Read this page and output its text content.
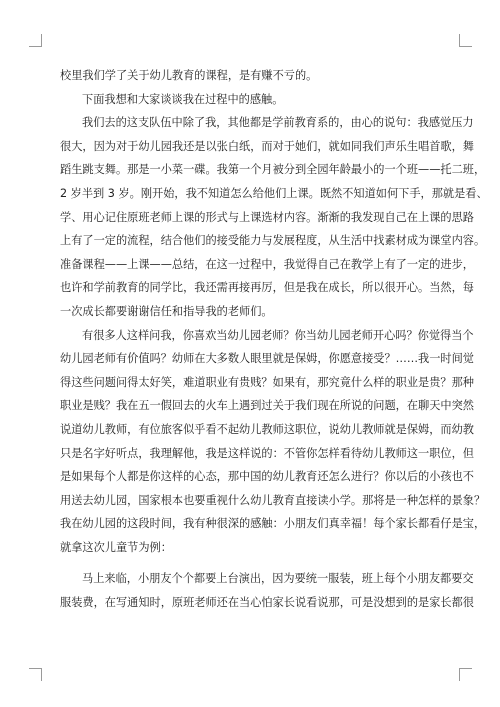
校里我们学了关于幼儿教育的课程，是有赚不亏的。
下面我想和大家谈谈我在过程中的感触。
我们去的这支队伍中除了我，其他都是学前教育系的，由心的说句：我感觉压力
很大，因为对于幼儿园我还是以张白纸，而对于她们，就如同我们声乐生唱首歌，舞
蹈生跳支舞。那是一小菜一碟。我第一个月被分到全园年龄最小的一个班——托二班，
2 岁半到 3 岁。刚开始，我不知道怎么给他们上课。既然不知道如何下手，那就是看、
学、用心记住原班老师上课的形式与上课选材内容。渐渐的我发现自己在上课的思路
上有了一定的流程，结合他们的接受能力与发展程度，从生活中找素材成为课堂内容。
准备课程——上课——总结，在这一过程中，我觉得自己在教学上有了一定的进步，
也许和学前教育的同学比，我还需再接再厉，但是我在成长，所以很开心。当然，每
一次成长都要谢谢信任和指导我的老师们。
有很多人这样问我，你喜欢当幼儿园老师？你当幼儿园老师开心吗？你觉得当个
幼儿园老师有价值吗？幼师在大多数人眼里就是保姆，你愿意接受？……我一时间觉
得这些问题问得太好笑，难道职业有贵贱？如果有，那究竟什么样的职业是贵？那种
职业是贱？我在五一假回去的火车上遇到过关于我们现在所说的问题，在聊天中突然
说道幼儿教师，有位旅客似乎看不起幼儿教师这职位，说幼儿教师就是保姆，而幼教
只是名字好听点，我理解他，我是这样说的：不管你怎样看待幼儿教师这一职位，但
是如果每个人都是你这样的心态，那中国的幼儿教育还怎么进行？你以后的小孩也不
用送去幼儿园，国家根本也要重视什么幼儿教育直接读小学。那将是一种怎样的景象？
我在幼儿园的这段时间，我有种很深的感触：小朋友们真幸福！每个家长都看仔是宝，
就拿这次儿童节为例：
马上来临，小朋友个个都要上台演出，因为要统一服装，班上每个小朋友都要交
服装费，在写通知时，原班老师还在当心怕家长说看说那，可是没想到的是家长都很
